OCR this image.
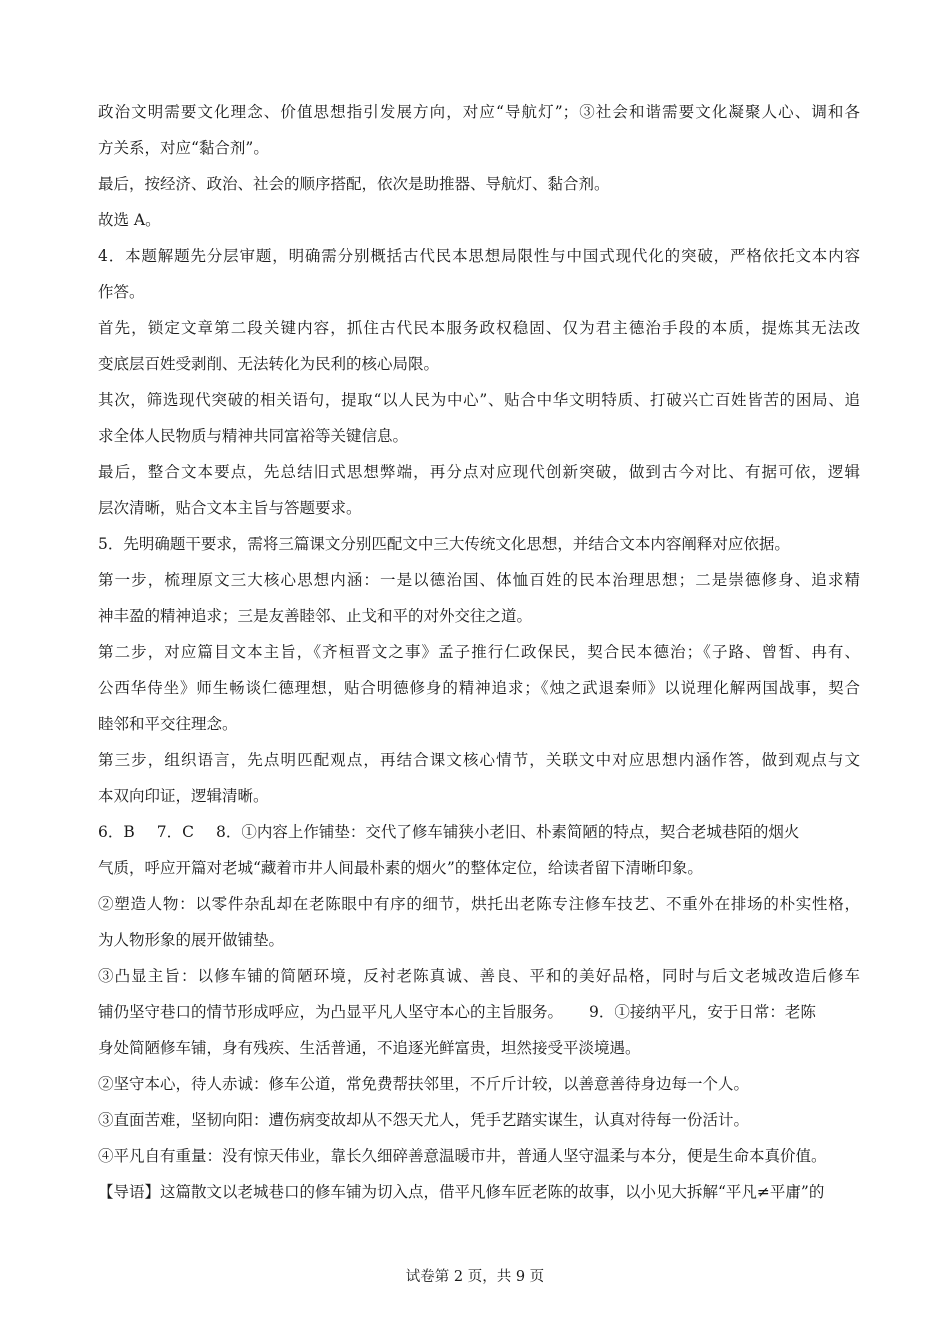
政治文明需要文化理念、价值思想指引发展方向，对应“导航灯”；③社会和谐需要文化凝聚人心、调和各
方关系，对应“黏合剂”。
最后，按经济、政治、社会的顺序搭配，依次是助推器、导航灯、黏合剂。
故选 A。
4．本题解题先分层审题，明确需分别概括古代民本思想局限性与中国式现代化的突破，严格依托文本内容
作答。
首先，锁定文章第二段关键内容，抓住古代民本服务政权稳固、仅为君主德治手段的本质，提炼其无法改
变底层百姓受剥削、无法转化为民利的核心局限。
其次，筛选现代突破的相关语句，提取“以人民为中心”、贴合中华文明特质、打破兴亡百姓皆苦的困局、追
求全体人民物质与精神共同富裕等关键信息。
最后，整合文本要点，先总结旧式思想弊端，再分点对应现代创新突破，做到古今对比、有据可依，逻辑
层次清晰，贴合文本主旨与答题要求。
5．先明确题干要求，需将三篇课文分别匹配文中三大传统文化思想，并结合文本内容阐释对应依据。
第一步，梳理原文三大核心思想内涵：一是以德治国、体恤百姓的民本治理思想；二是崇德修身、追求精
神丰盈的精神追求；三是友善睦邻、止戈和平的对外交往之道。
第二步，对应篇目文本主旨，《齐桓晋文之事》孟子推行仁政保民，契合民本德治；《子路、曾皙、冉有、
公西华侍坐》师生畅谈仁德理想，贴合明德修身的精神追求；《烛之武退秦师》以说理化解两国战事，契合
睦邻和平交往理念。
第三步，组织语言，先点明匹配观点，再结合课文核心情节，关联文中对应思想内涵作答，做到观点与文
本双向印证，逻辑清晰。
6．B 7．C 8．①内容上作铺垫：交代了修车铺狭小老旧、朴素简陋的特点，契合老城巷陌的烟火
气质，呼应开篇对老城“藏着市井人间最朴素的烟火”的整体定位，给读者留下清晰印象。
②塑造人物：以零件杂乱却在老陈眼中有序的细节，烘托出老陈专注修车技艺、不重外在排场的朴实性格，
为人物形象的展开做铺垫。
③凸显主旨：以修车铺的简陋环境，反衬老陈真诚、善良、平和的美好品格，同时与后文老城改造后修车
铺仍坚守巷口的情节形成呼应，为凸显平凡人坚守本心的主旨服务。 9．①接纳平凡，安于日常：老陈
身处简陋修车铺，身有残疾、生活普通，不追逐光鲜富贵，坦然接受平淡境遇。
②坚守本心，待人赤诚：修车公道，常免费帮扶邻里，不斤斤计较，以善意善待身边每一个人。
③直面苦难，坚韧向阳：遭伤病变故却从不怨天尤人，凭手艺踏实谋生，认真对待每一份活计。
④平凡自有重量：没有惊天伟业，靠长久细碎善意温暖市井，普通人坚守温柔与本分，便是生命本真价值。
【导语】这篇散文以老城巷口的修车铺为切入点，借平凡修车匠老陈的故事，以小见大拆解“平凡≠平庸”的
试卷第 2 页，共 9 页
